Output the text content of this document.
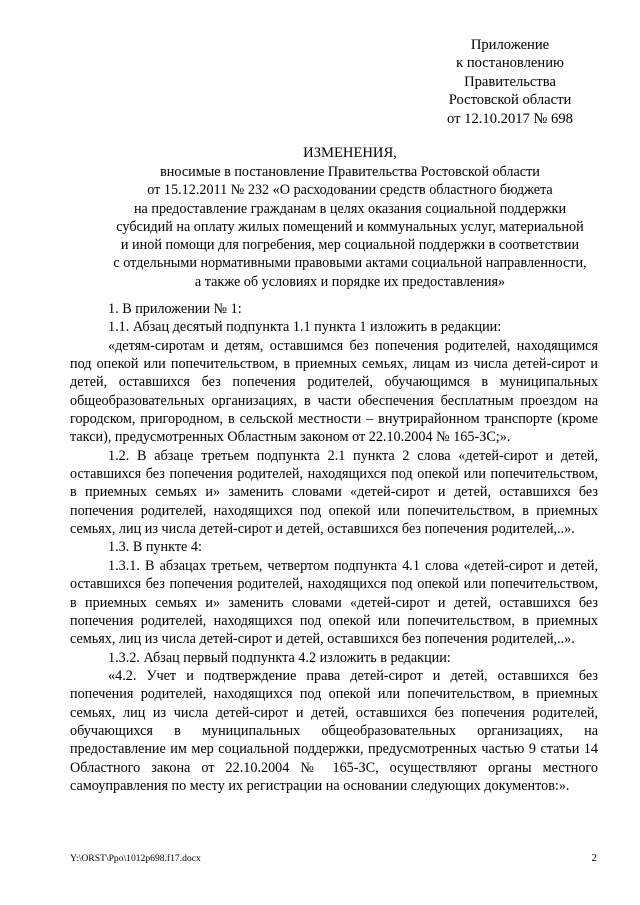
Приложение
к постановлению
Правительства
Ростовской области
от 12.10.2017 № 698
ИЗМЕНЕНИЯ,
вносимые в постановление Правительства Ростовской области
от 15.12.2011 № 232 «О расходовании средств областного бюджета
на предоставление гражданам в целях оказания социальной поддержки
субсидий на оплату жилых помещений и коммунальных услуг, материальной
и иной помощи для погребения, мер социальной поддержки в соответствии
с отдельными нормативными правовыми актами социальной направленности,
а также об условиях и порядке их предоставления»

1. В приложении № 1:

1.1. Абзац десятый подпункта 1.1 пункта 1 изложить в редакции:

«детям-сиротам и детям, оставшимся без попечения родителей, находящимся под опекой или попечительством, в приемных семьях, лицам из числа детей-сирот и детей, оставшихся без попечения родителей, обучающимся в муниципальных общеобразовательных организациях, в части обеспечения бесплатным проездом на городском, пригородном, в сельской местности – внутрирайонном транспорте (кроме такси), предусмотренных Областным законом от 22.10.2004 № 165-ЗС;».

1.2. В абзаце третьем подпункта 2.1 пункта 2 слова «детей-сирот и детей, оставшихся без попечения родителей, находящихся под опекой или попечительством, в приемных семьях и» заменить словами «детей-сирот и детей, оставшихся без попечения родителей, находящихся под опекой или попечительством, в приемных семьях, лиц из числа детей-сирот и детей, оставшихся без попечения родителей,..».

1.3. В пункте 4:

1.3.1. В абзацах третьем, четвертом подпункта 4.1 слова «детей-сирот и детей, оставшихся без попечения родителей, находящихся под опекой или попечительством, в приемных семьях и» заменить словами «детей-сирот и детей, оставшихся без попечения родителей, находящихся под опекой или попечительством, в приемных семьях, лиц из числа детей-сирот и детей, оставшихся без попечения родителей,..».

1.3.2. Абзац первый подпункта 4.2 изложить в редакции:

«4.2. Учет и подтверждение права детей-сирот и детей, оставшихся без попечения родителей, находящихся под опекой или попечительством, в приемных семьях, лиц из числа детей-сирот и детей, оставшихся без попечения родителей, обучающихся в муниципальных общеобразовательных организациях, на предоставление им мер социальной поддержки, предусмотренных частью 9 статьи 14 Областного закона от 22.10.2004 № 165-ЗС, осуществляют органы местного самоуправления по месту их регистрации на основании следующих документов:».

Y:\ORST\Ppo\1012p698.f17.docx	2
